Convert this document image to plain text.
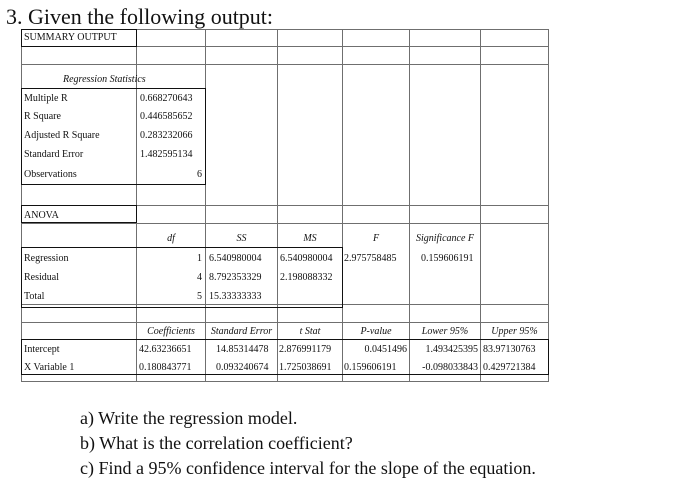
3. Given the following output:
SUMMARY OUTPUT
Regression Statistics
Multiple R	0.668270643
R Square	0.446585652
Adjusted R Square	0.283232066
Standard Error	1.482595134
Observations	6
ANOVA
df	SS	MS	F	Significance F
Regression	1 6.540980004 6.540980004 2.975758485 0.159606191
Residual	4 8.792353329 2.198088332
Total	5 15.33333333
Coefficients	Standard Error	t Stat	P-value	Lower 95%	Upper 95%
Intercept	42.63236651 14.85314478 2.876991179	0.0451496	1.493425395 83.97130763
X Variable 1	0.180843771 0.093240674 1.725038691 0.159606191	-0.098033843 0.429721384
a) Write the regression model.
b) What is the correlation coefficient?
c) Find a 95% confidence interval for the slope of the equation.
